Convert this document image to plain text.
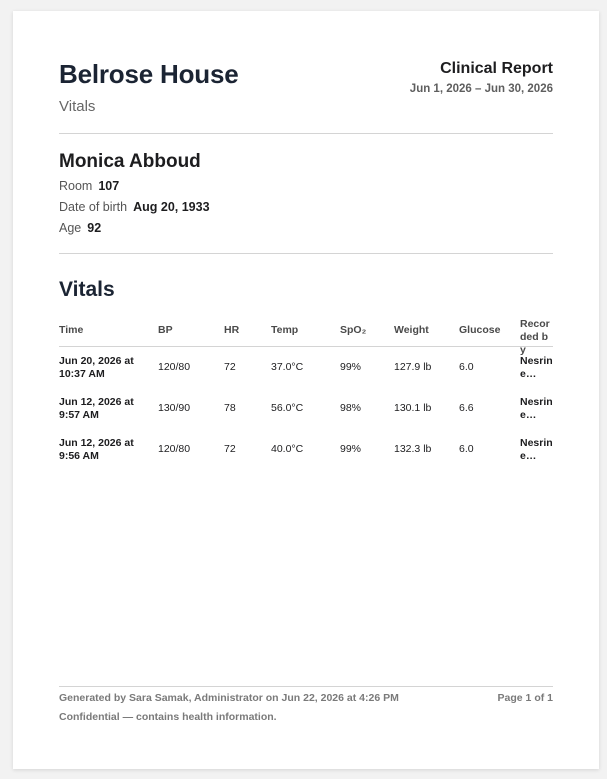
Belrose House
Vitals
Clinical Report
Jun 1, 2026 – Jun 30, 2026
Monica Abboud
Room 107
Date of birth Aug 20, 1933
Age 92
Vitals
Time	BP	HR	Temp	SpO₂	Weight	Glucose	Recorded by

Jun 20, 2026 at 10:37 AM	120/80	72	37.0°C	99%	127.9 lb	6.0	Nesrine…

Jun 12, 2026 at 9:57 AM	130/90	78	56.0°C	98%	130.1 lb	6.6	Nesrine…

Jun 12, 2026 at 9:56 AM	120/80	72	40.0°C	99%	132.3 lb	6.0	Nesrine…
Generated by Sara Samak, Administrator on Jun 22, 2026 at 4:26 PM	Page 1 of 1
Confidential — contains health information.
